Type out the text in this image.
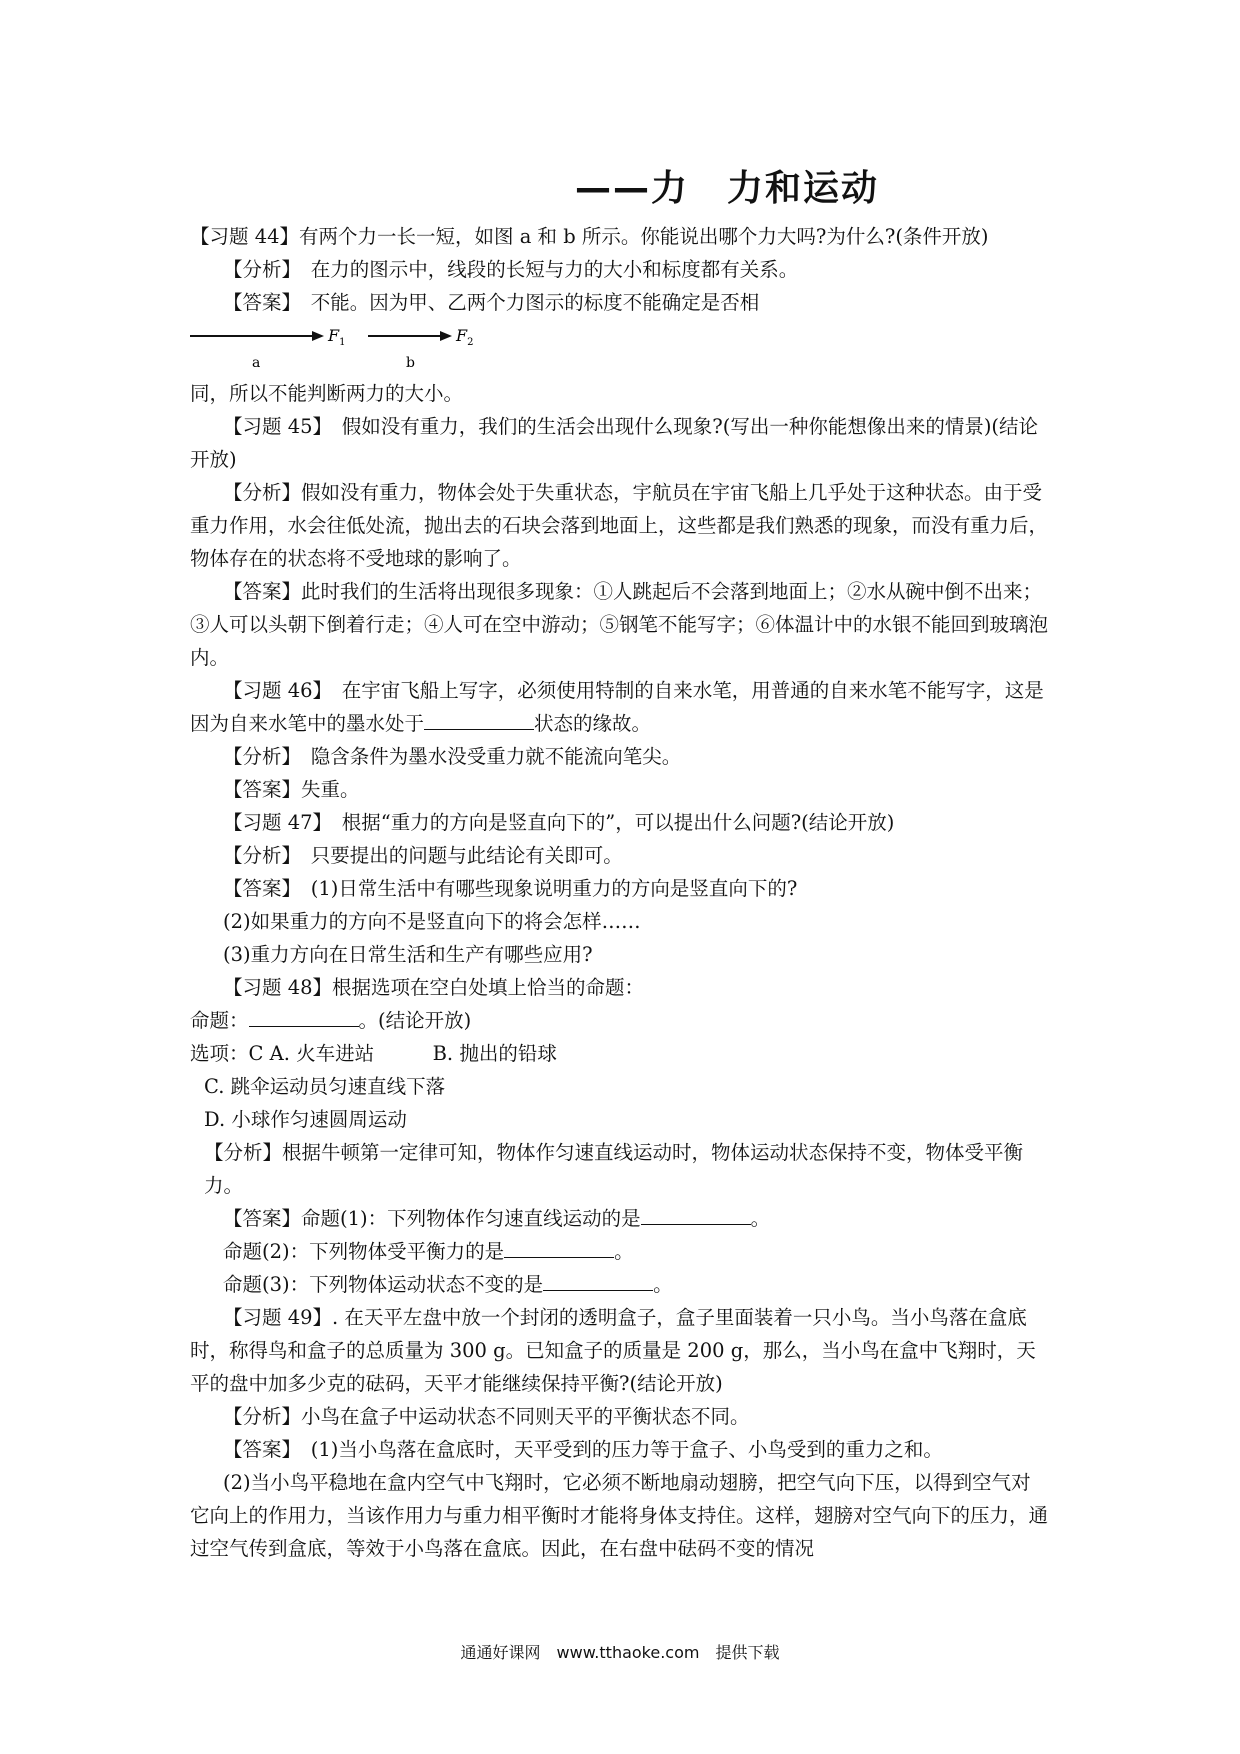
——力　力和运动

【习题 44】有两个力一长一短，如图 a 和 b 所示。你能说出哪个力大吗?为什么?(条件开放)

【分析】　在力的图示中，线段的长短与力的大小和标度都有关系。

【答案】　不能。因为甲、乙两个力图示的标度不能确定是否相

$F_1$
a
$F_2$
b

同，所以不能判断两力的大小。

【习题 45】　假如没有重力，我们的生活会出现什么现象?(写出一种你能想像出来的情景)(结论开放)

【分析】假如没有重力，物体会处于失重状态，宇航员在宇宙飞船上几乎处于这种状态。由于受重力作用，水会往低处流，抛出去的石块会落到地面上，这些都是我们熟悉的现象，而没有重力后，物体存在的状态将不受地球的影响了。

【答案】此时我们的生活将出现很多现象：①人跳起后不会落到地面上；②水从碗中倒不出来；③人可以头朝下倒着行走；④人可在空中游动；⑤钢笔不能写字；⑥体温计中的水银不能回到玻璃泡内。

【习题 46】　在宇宙飞船上写字，必须使用特制的自来水笔，用普通的自来水笔不能写字，这是因为自来水笔中的墨水处于	状态的缘故。

【分析】　隐含条件为墨水没受重力就不能流向笔尖。

【答案】失重。

【习题 47】　根据“重力的方向是竖直向下的”，可以提出什么问题?(结论开放)

【分析】　只要提出的问题与此结论有关即可。

【答案】　(1)日常生活中有哪些现象说明重力的方向是竖直向下的?

(2)如果重力的方向不是竖直向下的将会怎样……

(3)重力方向在日常生活和生产有哪些应用?

【习题 48】根据选项在空白处填上恰当的命题：

命题：	。(结论开放)

选项：C A. 火车进站　　　B. 抛出的铅球

C. 跳伞运动员匀速直线下落

D. 小球作匀速圆周运动

【分析】根据牛顿第一定律可知，物体作匀速直线运动时，物体运动状态保持不变，物体受平衡力。

【答案】命题(1)：下列物体作匀速直线运动的是	。

命题(2)：下列物体受平衡力的是	。

命题(3)：下列物体运动状态不变的是	。

【习题 49】. 在天平左盘中放一个封闭的透明盒子，盒子里面装着一只小鸟。当小鸟落在盒底时，称得鸟和盒子的总质量为 300 g。已知盒子的质量是 200 g，那么，当小鸟在盒中飞翔时，天平的盘中加多少克的砝码，天平才能继续保持平衡?(结论开放)

【分析】小鸟在盒子中运动状态不同则天平的平衡状态不同。

【答案】　(1)当小鸟落在盒底时，天平受到的压力等于盒子、小鸟受到的重力之和。

(2)当小鸟平稳地在盒内空气中飞翔时，它必须不断地扇动翅膀，把空气向下压，以得到空气对它向上的作用力，当该作用力与重力相平衡时才能将身体支持住。这样，翅膀对空气向下的压力，通过空气传到盒底，等效于小鸟落在盒底。因此，在右盘中砝码不变的情况

通通好课网　www.tthaoke.com　提供下载
